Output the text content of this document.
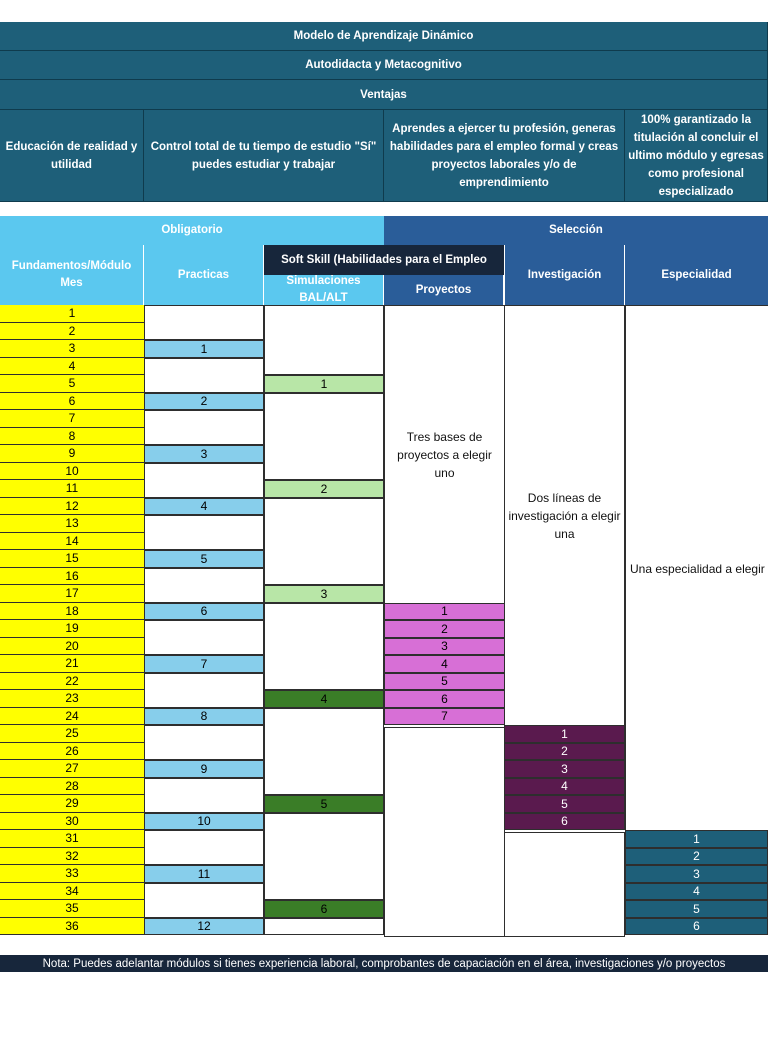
Modelo de Aprendizaje Dinámico
Autodidacta y Metacognitivo
Ventajas
Educación de realidad y utilidad
Control total de tu tiempo de estudio "Sí" puedes estudiar y trabajar
Aprendes a ejercer tu profesión, generas habilidades para el empleo formal y creas proyectos laborales y/o de emprendimiento
100% garantizado la titulación al concluir el ultimo módulo y egresas como profesional especializado
Obligatorio	Selección
Fundamentos/Módulo Mes
Practicas
Soft Skill (Habilidades para el Empleo
Simulaciones BAL/ALT
Proyectos
Investigación	Especialidad
Tres bases de proyectos a elegir uno
Dos líneas de investigación a elegir una
Una especialidad a elegir
1
2
3
4
5
6
7
8
9
10
11
12
13
14
15
16
17
18
19
20
21
22
23
24
25
26
27
28
29
30
31
32
33
34
35
36
1
2
3
4
5
6
7
8
9
10
11
12
1
2
3
4
5
6
1
2
3
4
5
6
7
1
2
3
4
5
6
1
2
3
4
5
6
Nota: Puedes adelantar módulos si tienes experiencia laboral, comprobantes de capaciación en el área, investigaciones y/o proyectos
